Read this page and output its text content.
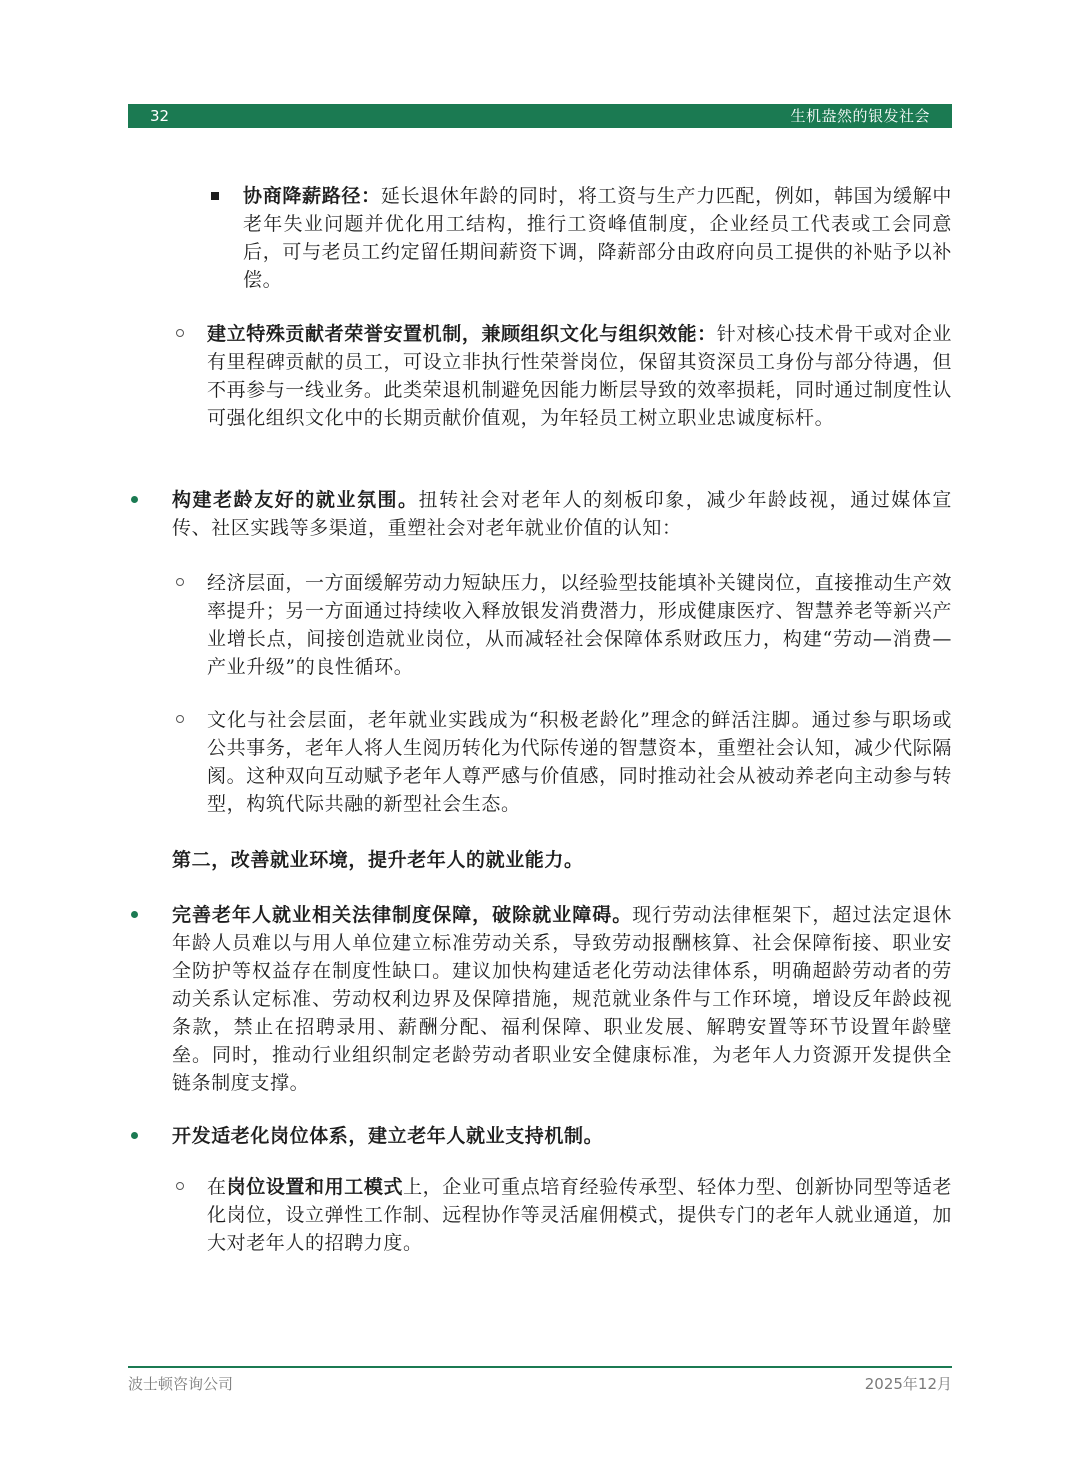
32	生机盎然的银发社会

协商降薪路径：延长退休年龄的同时，将工资与生产力匹配，例如，韩国为缓解中老年失业问题并优化用工结构，推行工资峰值制度，企业经员工代表或工会同意后，可与老员工约定留任期间薪资下调，降薪部分由政府向员工提供的补贴予以补偿。

建立特殊贡献者荣誉安置机制，兼顾组织文化与组织效能：针对核心技术骨干或对企业有里程碑贡献的员工，可设立非执行性荣誉岗位，保留其资深员工身份与部分待遇，但不再参与一线业务。此类荣退机制避免因能力断层导致的效率损耗，同时通过制度性认可强化组织文化中的长期贡献价值观，为年轻员工树立职业忠诚度标杆。

构建老龄友好的就业氛围。扭转社会对老年人的刻板印象，减少年龄歧视，通过媒体宣传、社区实践等多渠道，重塑社会对老年就业价值的认知：

经济层面，一方面缓解劳动力短缺压力，以经验型技能填补关键岗位，直接推动生产效率提升；另一方面通过持续收入释放银发消费潜力，形成健康医疗、智慧养老等新兴产业增长点，间接创造就业岗位，从而减轻社会保障体系财政压力，构建“劳动—消费—产业升级”的良性循环。

文化与社会层面，老年就业实践成为“积极老龄化”理念的鲜活注脚。通过参与职场或公共事务，老年人将人生阅历转化为代际传递的智慧资本，重塑社会认知，减少代际隔阂。这种双向互动赋予老年人尊严感与价值感，同时推动社会从被动养老向主动参与转型，构筑代际共融的新型社会生态。

第二，改善就业环境，提升老年人的就业能力。

完善老年人就业相关法律制度保障，破除就业障碍。现行劳动法律框架下，超过法定退休年龄人员难以与用人单位建立标准劳动关系，导致劳动报酬核算、社会保障衔接、职业安全防护等权益存在制度性缺口。建议加快构建适老化劳动法律体系，明确超龄劳动者的劳动关系认定标准、劳动权利边界及保障措施，规范就业条件与工作环境，增设反年龄歧视条款，禁止在招聘录用、薪酬分配、福利保障、职业发展、解聘安置等环节设置年龄壁垒。同时，推动行业组织制定老龄劳动者职业安全健康标准，为老年人力资源开发提供全链条制度支撑。

开发适老化岗位体系，建立老年人就业支持机制。

在岗位设置和用工模式上，企业可重点培育经验传承型、轻体力型、创新协同型等适老化岗位，设立弹性工作制、远程协作等灵活雇佣模式，提供专门的老年人就业通道，加大对老年人的招聘力度。

波士顿咨询公司	2025年12月
